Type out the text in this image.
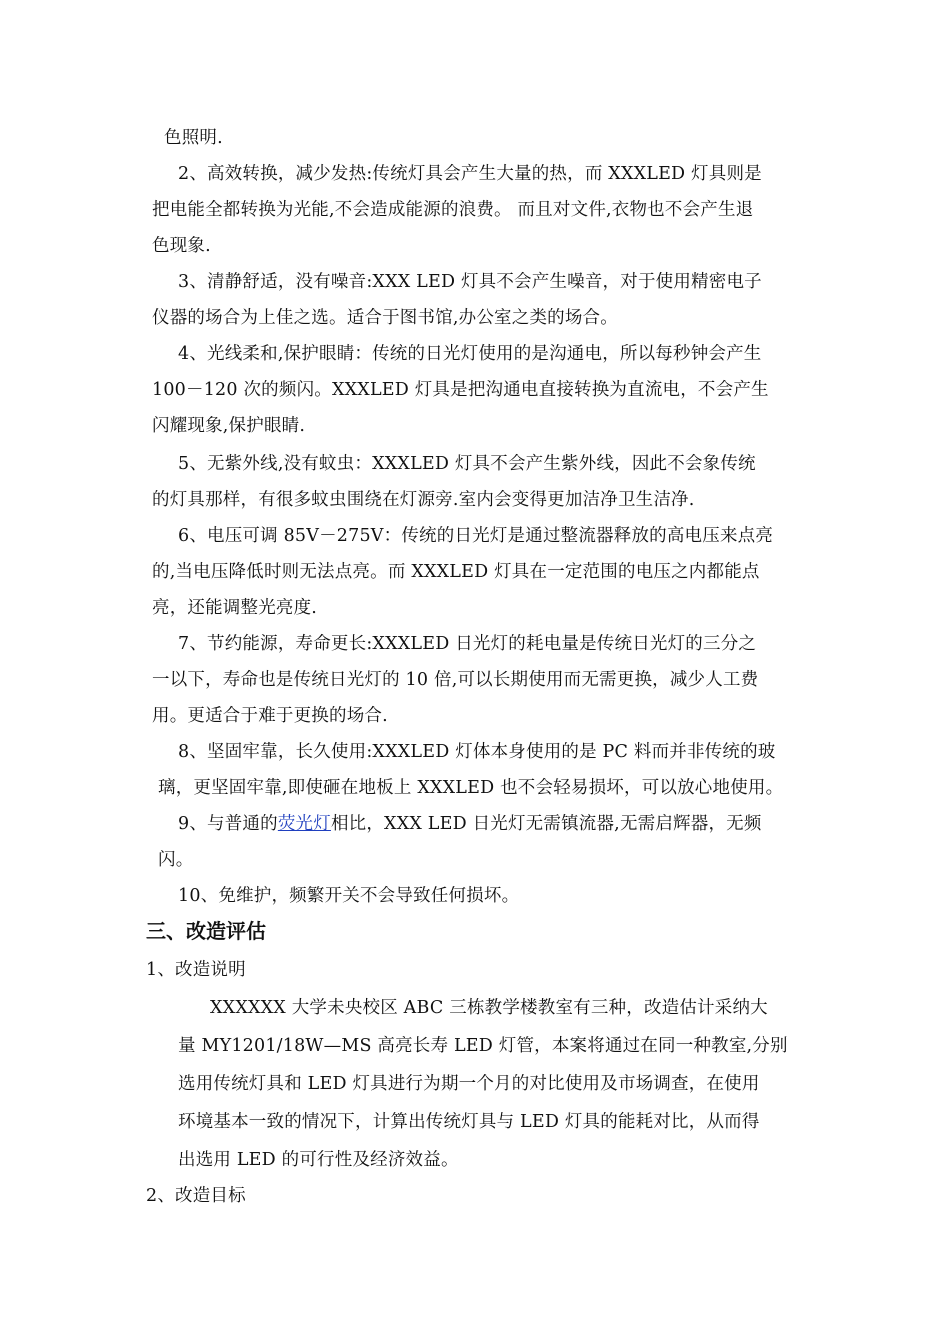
色照明.
2、高效转换，减少发热:传统灯具会产生大量的热，而 XXXLED 灯具则是
把电能全都转换为光能,不会造成能源的浪费。 而且对文件,衣物也不会产生退
色现象.
3、清静舒适，没有噪音:XXX LED 灯具不会产生噪音，对于使用精密电子
仪器的场合为上佳之选。适合于图书馆,办公室之类的场合。
4、光线柔和,保护眼睛：传统的日光灯使用的是沟通电，所以每秒钟会产生
100－120 次的频闪。XXXLED 灯具是把沟通电直接转换为直流电，不会产生
闪耀现象,保护眼睛.
5、无紫外线,没有蚊虫：XXXLED 灯具不会产生紫外线，因此不会象传统
的灯具那样，有很多蚊虫围绕在灯源旁.室内会变得更加洁净卫生洁净.
6、电压可调 85V－275V：传统的日光灯是通过整流器释放的高电压来点亮
的,当电压降低时则无法点亮。而 XXXLED 灯具在一定范围的电压之内都能点
亮，还能调整光亮度.
7、节约能源，寿命更长:XXXLED 日光灯的耗电量是传统日光灯的三分之
一以下，寿命也是传统日光灯的 10 倍,可以长期使用而无需更换，减少人工费
用。更适合于难于更换的场合.
8、坚固牢靠，长久使用:XXXLED 灯体本身使用的是 PC 料而并非传统的玻
璃，更坚固牢靠,即使砸在地板上 XXXLED 也不会轻易损坏，可以放心地使用。
9、与普通的荧光灯相比，XXX LED 日光灯无需镇流器,无需启辉器，无频
闪。
10、免维护，频繁开关不会导致任何损坏。
三、改造评估
1、改造说明
XXXXXX 大学未央校区 ABC 三栋教学楼教室有三种，改造估计采纳大
量 MY1201/18W—MS 高亮长寿 LED 灯管，本案将通过在同一种教室,分别
选用传统灯具和 LED 灯具进行为期一个月的对比使用及市场调查，在使用
环境基本一致的情况下，计算出传统灯具与 LED 灯具的能耗对比，从而得
出选用 LED 的可行性及经济效益。
2、改造目标
